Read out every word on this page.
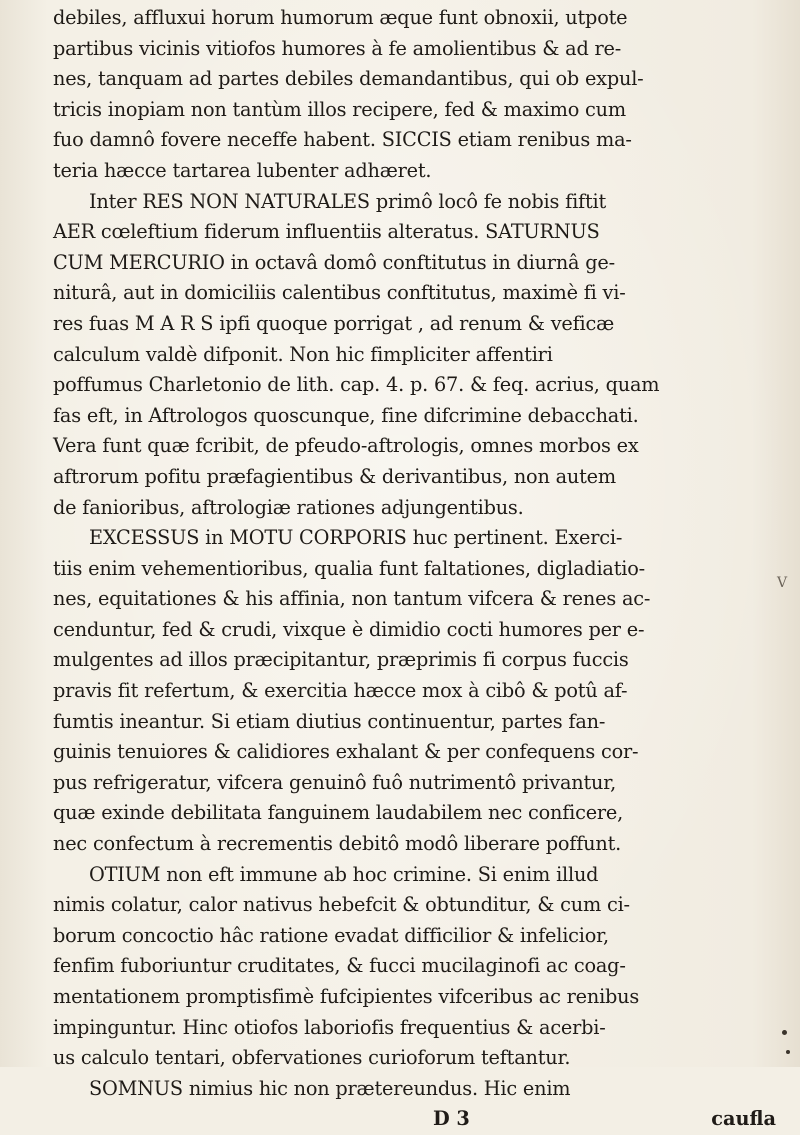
debiles, affluxui horum humorum æque funt obnoxii, utpote
partibus vicinis vitiofos humores à fe amolientibus & ad re-
nes, tanquam ad partes debiles demandantibus, qui ob expul-
tricis inopiam non tantùm illos recipere, fed & maximo cum
fuo damnô fovere neceffe habent. SICCIS etiam renibus ma-
teria hæcce tartarea lubenter adhæret.
Inter RES NON NATURALES primô locô fe nobis fiftit
AER cœleftium fiderum influentiis alteratus. SATURNUS
CUM MERCURIO in octavâ domô conftitutus in diurnâ ge-
niturâ, aut in domiciliis calentibus conftitutus, maximè fi vi-
res fuas M A R S ipfi quoque porrigat , ad renum & veficæ
calculum valdè difponit. Non hic fimpliciter affentiri
poffumus Charletonio de lith. cap. 4. p. 67. & feq. acrius, quam
fas eft, in Aftrologos quoscunque, fine difcrimine debacchati.
Vera funt quæ fcribit, de pfeudo-aftrologis, omnes morbos ex
aftrorum pofitu præfagientibus & derivantibus, non autem
de fanioribus, aftrologiæ rationes adjungentibus.
EXCESSUS in MOTU CORPORIS huc pertinent. Exerci-
tiis enim vehementioribus, qualia funt faltationes, digladiatio-
nes, equitationes & his affinia, non tantum vifcera & renes ac-
cenduntur, fed & crudi, vixque è dimidio cocti humores per e-
mulgentes ad illos præcipitantur, præprimis fi corpus fuccis
pravis fit refertum, & exercitia hæcce mox à cibô & potû af-
fumtis ineantur. Si etiam diutius continuentur, partes fan-
guinis tenuiores & calidiores exhalant & per confequens cor-
pus refrigeratur, vifcera genuinô fuô nutrimentô privantur,
quæ exinde debilitata fanguinem laudabilem nec conficere,
nec confectum à recrementis debitô modô liberare poffunt.
OTIUM non eft immune ab hoc crimine. Si enim illud
nimis colatur, calor nativus hebefcit & obtunditur, & cum ci-
borum concoctio hâc ratione evadat difficilior & infelicior,
fenfim fuboriuntur cruditates, & fucci mucilaginofi ac coag-
mentationem promptisfimè fufcipientes vifceribus ac renibus
impinguntur. Hinc otiofos laboriofis frequentius & acerbi-
us calculo tentari, obfervationes curioforum teftantur.
SOMNUS nimius hic non prætereundus. Hic enim
D 3	caufla
V
